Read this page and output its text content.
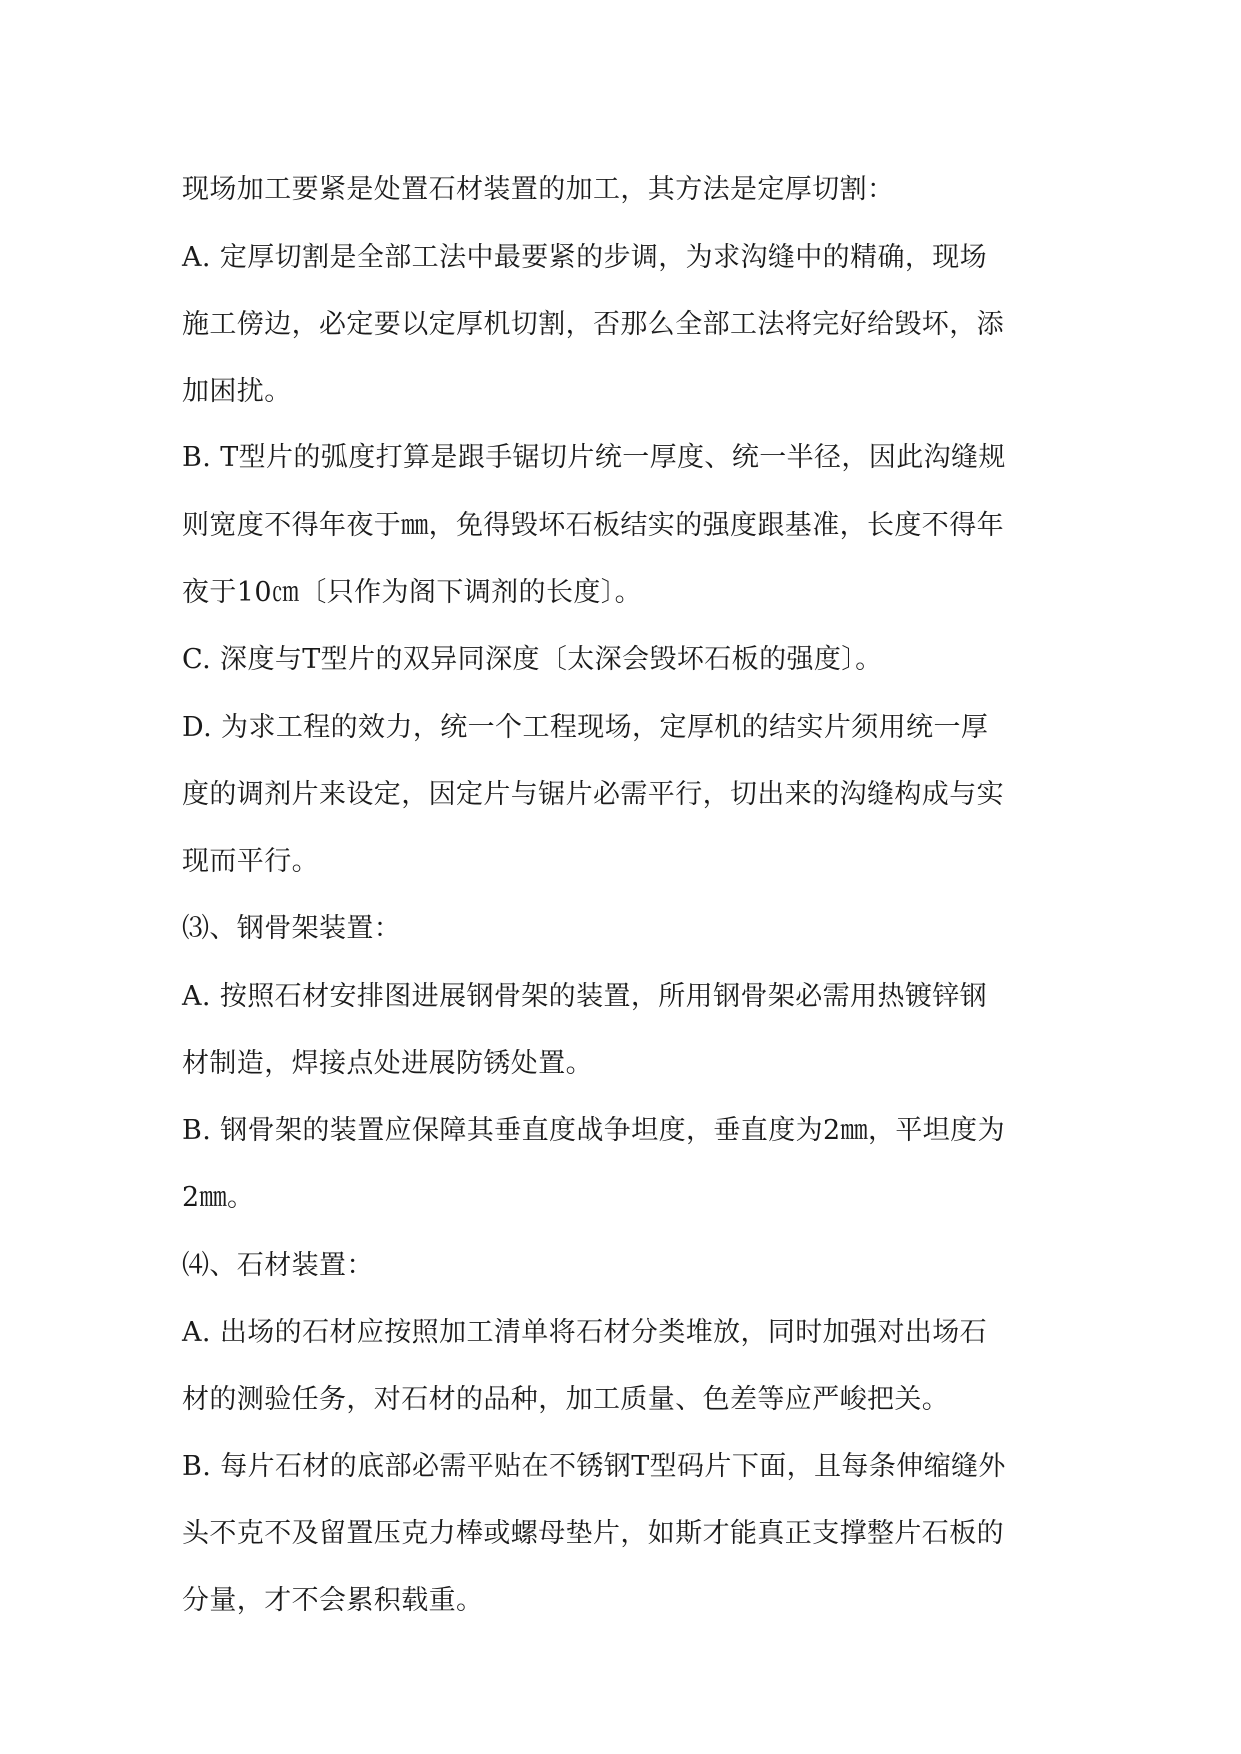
现场加工要紧是处置石材装置的加工，其方法是定厚切割：
A. 定厚切割是全部工法中最要紧的步调，为求沟缝中的精确，现场
施工傍边，必定要以定厚机切割，否那么全部工法将完好给毁坏，添
加困扰。
B. T型片的弧度打算是跟手锯切片统一厚度、统一半径，因此沟缝规
则宽度不得年夜于㎜，免得毁坏石板结实的强度跟基准，长度不得年
夜于10㎝〔只作为阁下调剂的长度〕。
C. 深度与T型片的双异同深度〔太深会毁坏石板的强度〕。
D. 为求工程的效力，统一个工程现场，定厚机的结实片须用统一厚
度的调剂片来设定，因定片与锯片必需平行，切出来的沟缝构成与实
现而平行。
⑶、钢骨架装置：
A. 按照石材安排图进展钢骨架的装置，所用钢骨架必需用热镀锌钢
材制造，焊接点处进展防锈处置。
B. 钢骨架的装置应保障其垂直度战争坦度，垂直度为2㎜，平坦度为
2㎜。
⑷、石材装置：
A. 出场的石材应按照加工清单将石材分类堆放，同时加强对出场石
材的测验任务，对石材的品种，加工质量、色差等应严峻把关。
B. 每片石材的底部必需平贴在不锈钢T型码片下面，且每条伸缩缝外
头不克不及留置压克力棒或螺母垫片，如斯才能真正支撑整片石板的
分量，才不会累积载重。
